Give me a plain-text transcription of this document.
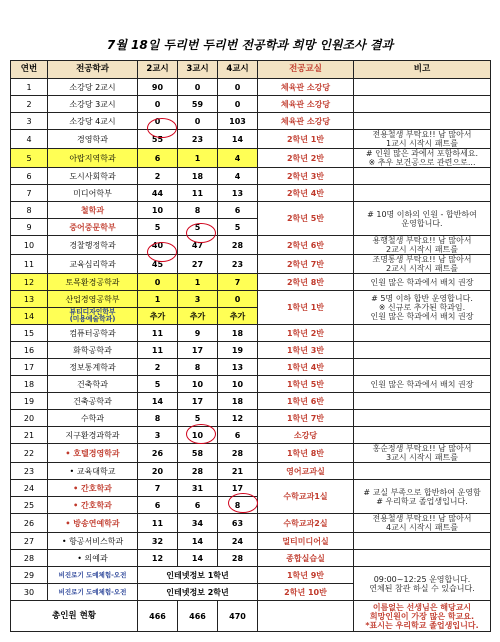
7월 18일 두리번 두리번 전공학과 희망 인원조사 결과
연번	전공학과	2교시	3교시	4교시	전공교실	비고
1	소강당 2교시	90	0	0	체육관 소강당	
2	소강당 3교시	0	59	0	체육관 소강당	
3	소강당 4교시	0	0	103	체육관 소강당	
4	경영학과	55	23	14	2학년 1반	전용철생 부탁요!! 남 많아서
1교시 시작시 패트를
5	아랍지역학과	6	1	4	2학년 2반	# 인원 많은 과에서 포함하세요.
※ 추우 보건공으로 관련으로...
6	도시사회학과	2	18	4	2학년 3반	
7	미디어학부	44	11	13	2학년 4반	
8	철학과	10	8	6	2학년 5반	# 10명 이하의 인원 - 합반하여
운영합니다.
9	중어중문학부	5	5	5		
10	경찰행정학과	40	47	28	2학년 6반	용행철생 부탁요!! 남 많아서
2교시 시작시 패트를
11	교육심리학과	45	27	23	2학년 7반	조명통생 부탁요!! 남 많아서
2교시 시작시 패트를
12	토목환경공학과	0	1	7	2학년 8반	인원 많은 학과에서 배치 권장
13	산업경영공학부	1	3	0	1학년 1반	# 5명 이하 합반 운영합니다.
※ 신규로 추가된 학과임.
인원 많은 학과에서 배치 권장
14	뷰티디자인학부
(미용예술학과)	추가	추가	추가		
15	컴퓨터공학과	11	9	18	1학년 2반	
16	화학공학과	11	17	19	1학년 3반	
17	정보통계학과	2	8	13	1학년 4반	
18	건축학과	5	10	10	1학년 5반	인원 많은 학과에서 배치 권장
19	건축공학과	14	17	18	1학년 6반	
20	수학과	8	5	12	1학년 7반	
21	지구환경과학과	3	10	6	소강당	
22	• 호텔경영학과	26	58	28	1학년 8반	홍순정생 부탁요!! 남 많아서
3교시 시작시 패트를
23	• 교육대학교	20	28	21	영어교과실	
24	• 간호학과	7	31	17	수학교과1실	# 교실 부족으로 합반하여 운영함
# 우리학교 졸업생입니다.
25	• 간호학과	6	6	8		
26	• 방송연예학과	11	34	63	수학교과2실	전용철생 부탁요!! 남 많아서
4교시 시작시 패트를
27	• 항공서비스학과	32	14	24	멀티미디어실	
28	• 의예과	12	14	28	종합실습실	
29	비진로기 도예체험-오전	인테넷정보 1학년			1학년 9반	09:00~12:25 운영합니다.
연체된 참관 하실 수 있습니다.
30	비진로기 도예체험-오전	인테넷정보 2학년			2학년 10반	
총인원 현황		466	466	470		이름없는 선생님은 해당교시
희망인원이 가장 많은 학교요.
*표시는 우리학교 졸업생입니다.
